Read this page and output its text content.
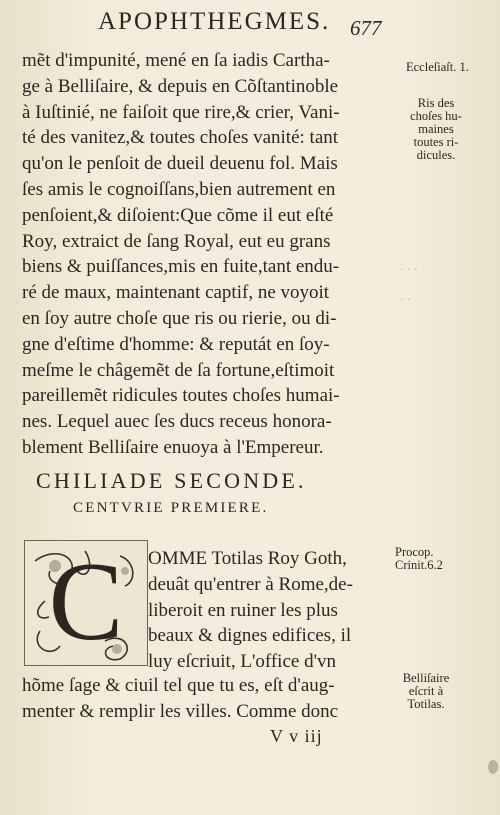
APOPHTHEGMES. 677
mẽt d'impunité, mené en ſa iadis Cartha-
ge à Belliſaire, & depuis en Cõſtantinoble
à Iuſtinié, ne faiſoit que rire,& crier, Vani-
té des vanitez,& toutes choſes vanité: tant
qu'on le penſoit de dueil deuenu fol. Mais
ſes amis le cognoiſſans,bien autrement en
penſoient,& diſoient:Que cõme il eut eſté
Roy, extraict de ſang Royal, eut eu grans
biens & puiſſances,mis en fuite,tant endu-
ré de maux, maintenant captif, ne voyoit
en ſoy autre choſe que ris ou rierie, ou di-
gne d'eſtime d'homme: & reputát en ſoy-
meſme le châgemẽt de ſa fortune,eſtimoit
pareillemẽt ridicules toutes choſes humai-
nes. Lequel auec ſes ducs receus honora-
blement Belliſaire enuoya à l'Empereur.
Eccleſiaſt. 1.
Ris des
choſes hu-
maines
toutes ri-
dicules.
· · ·
· ·
CHILIADE SECONDE.
CENTVRIE PREMIERE.
C OMME Totilas Roy Goth,
deuât qu'entrer à Rome,de-
liberoit en ruiner les plus
beaux & dignes edifices, il
luy eſcriuit, L'office d'vn
Procop.
Crinit.6.2
hõme ſage & ciuil tel que tu es, eſt d'aug-
menter & remplir les villes. Comme donc
Belliſaire
eſcrit à
Totilas.
V v iij
